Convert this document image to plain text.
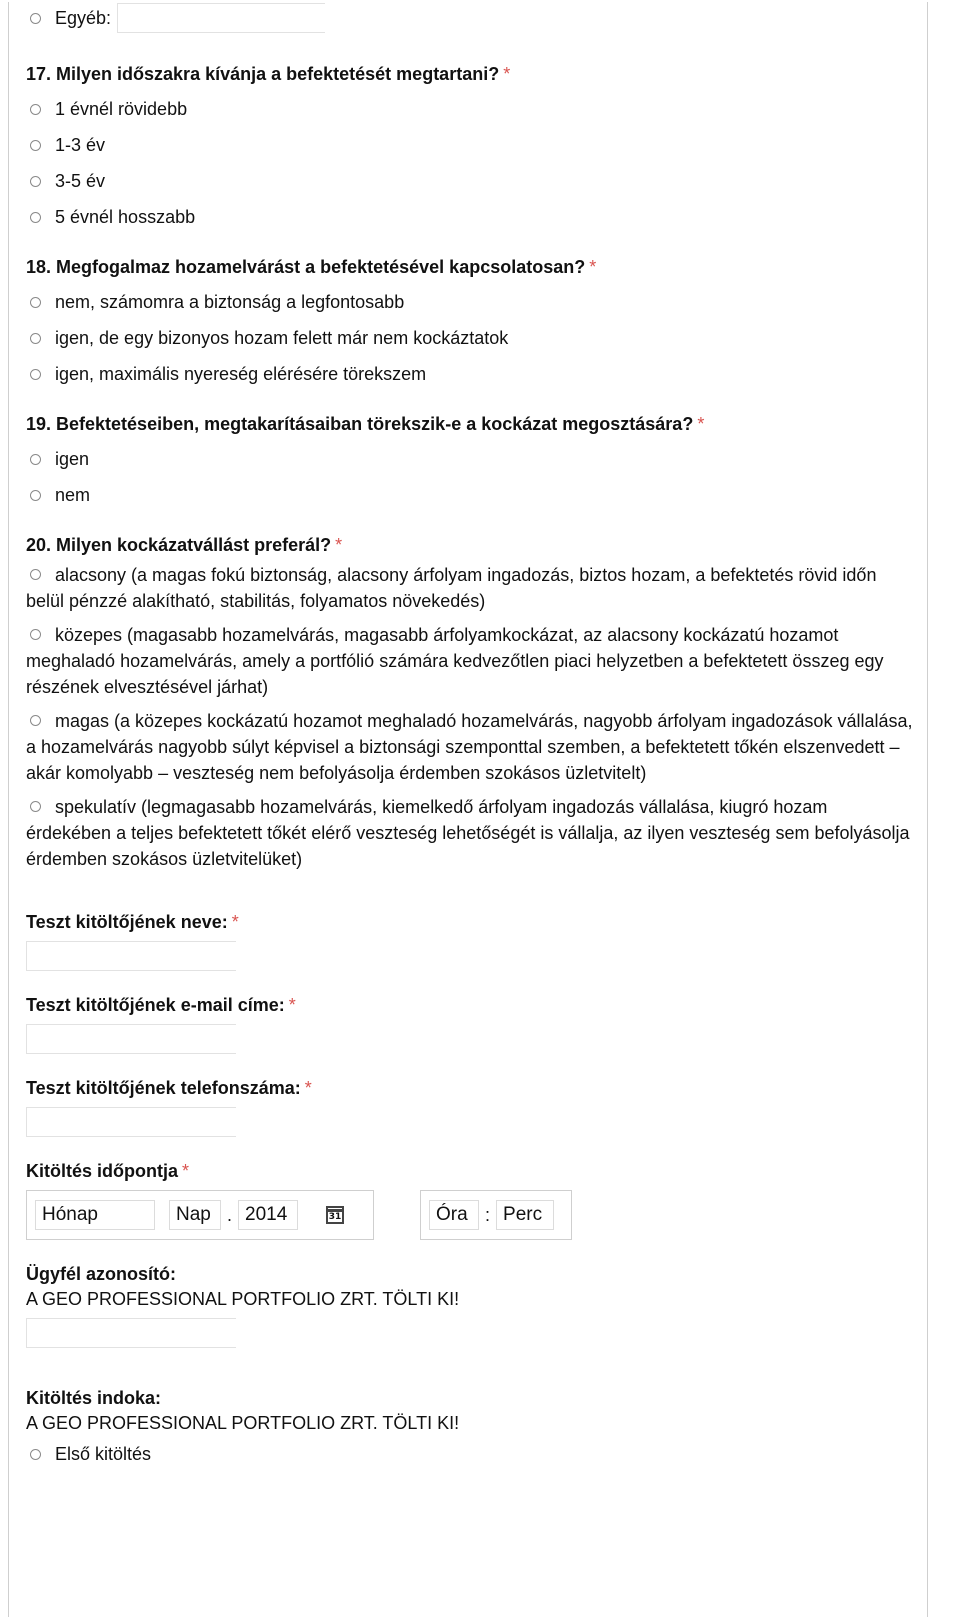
Egyéb:
17. Milyen időszakra kívánja a befektetését megtartani? *
1 évnél rövidebb
1-3 év
3-5 év
5 évnél hosszabb
18. Megfogalmaz hozamelvárást a befektetésével kapcsolatosan? *
nem, számomra a biztonság a legfontosabb
igen, de egy bizonyos hozam felett már nem kockáztatok
igen, maximális nyereség elérésére törekszem
19. Befektetéseiben, megtakarításaiban törekszik-e a kockázat megosztására? *
igen
nem
20. Milyen kockázatvállást preferál? *
alacsony (a magas fokú biztonság, alacsony árfolyam ingadozás, biztos hozam, a befektetés rövid időn belül pénzzé alakítható, stabilitás, folyamatos növekedés)
közepes (magasabb hozamelvárás, magasabb árfolyamkockázat, az alacsony kockázatú hozamot meghaladó hozamelvárás, amely a portfólió számára kedvezőtlen piaci helyzetben a befektetett összeg egy részének elvesztésével járhat)
magas (a közepes kockázatú hozamot meghaladó hozamelvárás, nagyobb árfolyam ingadozások vállalása, a hozamelvárás nagyobb súlyt képvisel a biztonsági szemponttal szemben, a befektetett tőkén elszenvedett – akár komolyabb – veszteség nem befolyásolja érdemben szokásos üzletvitelt)
spekulatív (legmagasabb hozamelvárás, kiemelkedő árfolyam ingadozás vállalása, kiugró hozam érdekében a teljes befektetett tőkét elérő veszteség lehetőségét is vállalja, az ilyen veszteség sem befolyásolja érdemben szokásos üzletvitelüket)
Teszt kitöltőjének neve: *
Teszt kitöltőjének e-mail címe: *
Teszt kitöltőjének telefonszáma: *
Kitöltés időpontja *
Hónap	Nap . 2014	31	Óra : Perc
Ügyfél azonosító:
A GEO PROFESSIONAL PORTFOLIO ZRT. TÖLTI KI!
Kitöltés indoka:
A GEO PROFESSIONAL PORTFOLIO ZRT. TÖLTI KI!
Első kitöltés
